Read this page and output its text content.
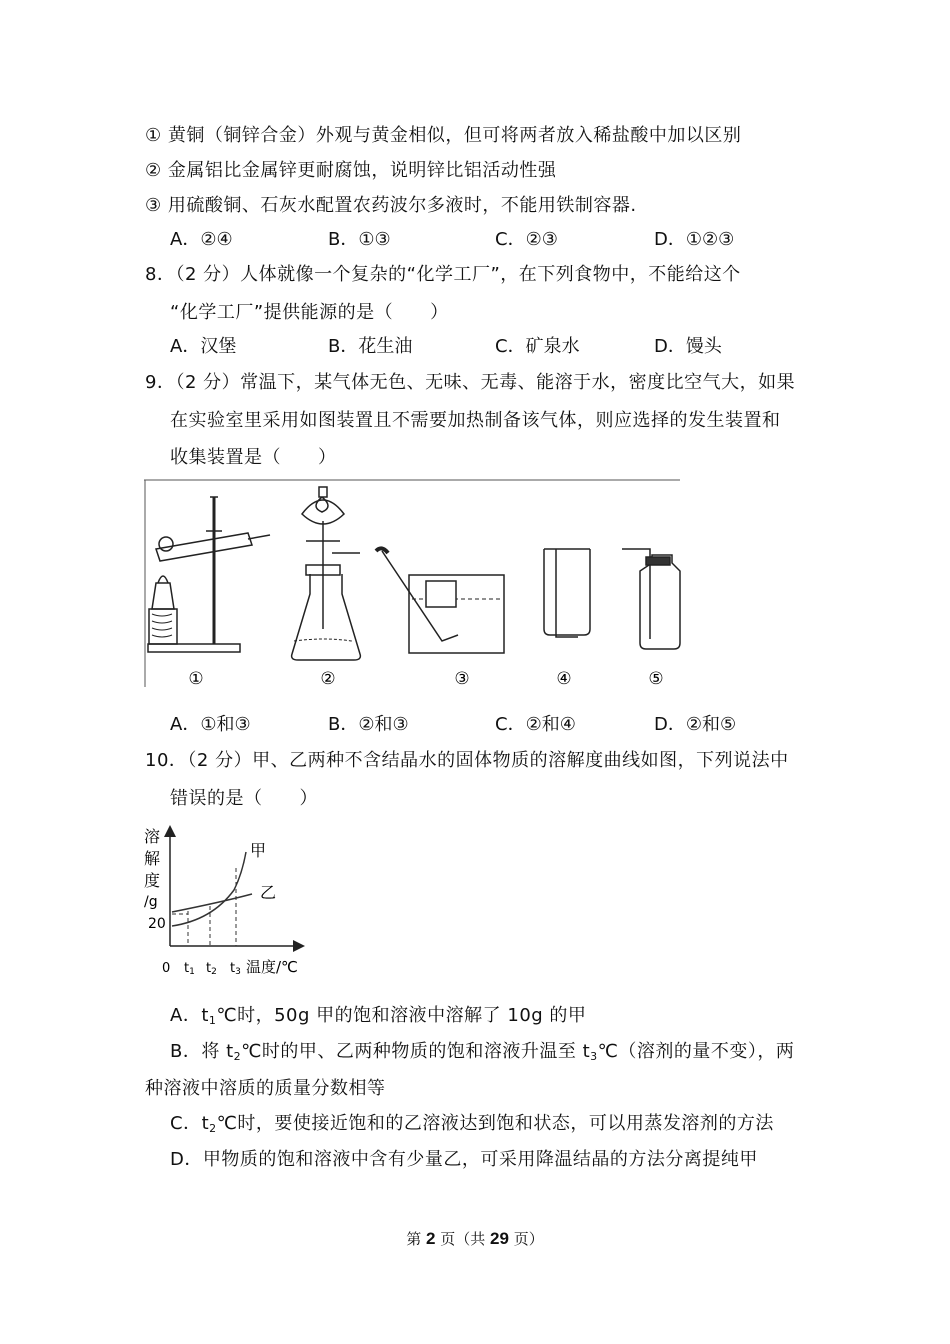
① 黄铜（铜锌合金）外观与黄金相似，但可将两者放入稀盐酸中加以区别
② 金属铝比金属锌更耐腐蚀，说明锌比铝活动性强
③ 用硫酸铜、石灰水配置农药波尔多液时，不能用铁制容器.
A．②④	B．①③	C．②③	D．①②③
8．（2 分）人体就像一个复杂的“化学工厂”，在下列食物中，不能给这个
“化学工厂”提供能源的是（　　）
A．汉堡	B．花生油	C．矿泉水	D．馒头
9．（2 分）常温下，某气体无色、无味、无毒、能溶于水，密度比空气大，如果
在实验室里采用如图装置且不需要加热制备该气体，则应选择的发生装置和
收集装置是（　　）
①	②	③	④	⑤
A．①和③	B．②和③	C．②和④	D．②和⑤
10．（2 分）甲、乙两种不含结晶水的固体物质的溶解度曲线如图，下列说法中
错误的是（　　）
溶
解
度
/g
20
甲
乙
0 t1 t2 t3 温度/℃
A．$t_1℃$时，50g 甲的饱和溶液中溶解了 10g 的甲
B．将 $t_2℃$时的甲、乙两种物质的饱和溶液升温至 $t_3℃$（溶剂的量不变），两
种溶液中溶质的质量分数相等
C．$t_2℃$时，要使接近饱和的乙溶液达到饱和状态，可以用蒸发溶剂的方法
D．甲物质的饱和溶液中含有少量乙，可采用降温结晶的方法分离提纯甲
第 2 页（共 29 页）
